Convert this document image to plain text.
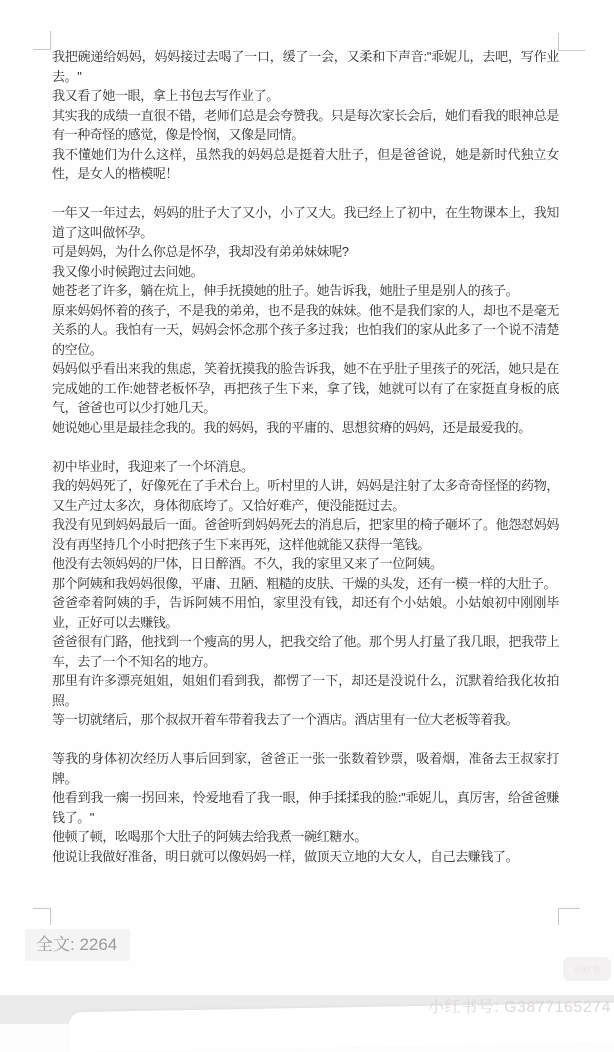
我把碗递给妈妈，妈妈接过去喝了一口，缓了一会，又柔和下声音:"乖妮儿，去吧，写作业去。"

我又看了她一眼，拿上书包去写作业了。

其实我的成绩一直很不错，老师们总是会夸赞我。只是每次家长会后，她们看我的眼神总是有一种奇怪的感觉，像是怜悯，又像是同情。

我不懂她们为什么这样，虽然我的妈妈总是挺着大肚子，但是爸爸说，她是新时代独立女性，是女人的楷模呢！

一年又一年过去，妈妈的肚子大了又小，小了又大。我已经上了初中，在生物课本上，我知道了这叫做怀孕。

可是妈妈，为什么你总是怀孕，我却没有弟弟妹妹呢?

我又像小时候跑过去问她。

她苍老了许多，躺在炕上，伸手抚摸她的肚子。她告诉我，她肚子里是别人的孩子。

原来妈妈怀着的孩子，不是我的弟弟，也不是我的妹妹。他不是我们家的人，却也不是毫无关系的人。我怕有一天，妈妈会怀念那个孩子多过我；也怕我们的家从此多了一个说不清楚的空位。

妈妈似乎看出来我的焦虑，笑着抚摸我的脸告诉我，她不在乎肚子里孩子的死活，她只是在完成她的工作:她替老板怀孕，再把孩子生下来，拿了钱，她就可以有了在家挺直身板的底气，爸爸也可以少打她几天。

她说她心里是最挂念我的。我的妈妈，我的平庸的、思想贫瘠的妈妈，还是最爱我的。

初中毕业时，我迎来了一个坏消息。

我的妈妈死了，好像死在了手术台上。听村里的人讲，妈妈是注射了太多奇奇怪怪的药物，又生产过太多次，身体彻底垮了。又恰好难产，便没能挺过去。

我没有见到妈妈最后一面。爸爸听到妈妈死去的消息后，把家里的椅子砸坏了。他怨怼妈妈没有再坚持几个小时把孩子生下来再死，这样他就能又获得一笔钱。

他没有去领妈妈的尸体，日日醉酒。不久，我的家里又来了一位阿姨。

那个阿姨和我妈妈很像，平庸、丑陋、粗糙的皮肤、干燥的头发，还有一模一样的大肚子。

爸爸牵着阿姨的手，告诉阿姨不用怕，家里没有钱，却还有个小姑娘。小姑娘初中刚刚毕业，正好可以去赚钱。

爸爸很有门路，他找到一个瘦高的男人，把我交给了他。那个男人打量了我几眼，把我带上车，去了一个不知名的地方。

那里有许多漂亮姐姐，姐姐们看到我，都愣了一下，却还是没说什么，沉默着给我化妆拍照。

等一切就绪后，那个叔叔开着车带着我去了一个酒店。酒店里有一位大老板等着我。

等我的身体初次经历人事后回到家，爸爸正一张一张数着钞票，吸着烟，准备去王叔家打牌。

他看到我一瘸一拐回来，怜爱地看了我一眼，伸手揉揉我的脸:"乖妮儿，真厉害，给爸爸赚钱了。"

他顿了顿，吆喝那个大肚子的阿姨去给我煮一碗红糖水。

他说让我做好准备，明日就可以像妈妈一样，做顶天立地的大女人，自己去赚钱了。

全文: 2264
小红书
小红书号: G3877165274
